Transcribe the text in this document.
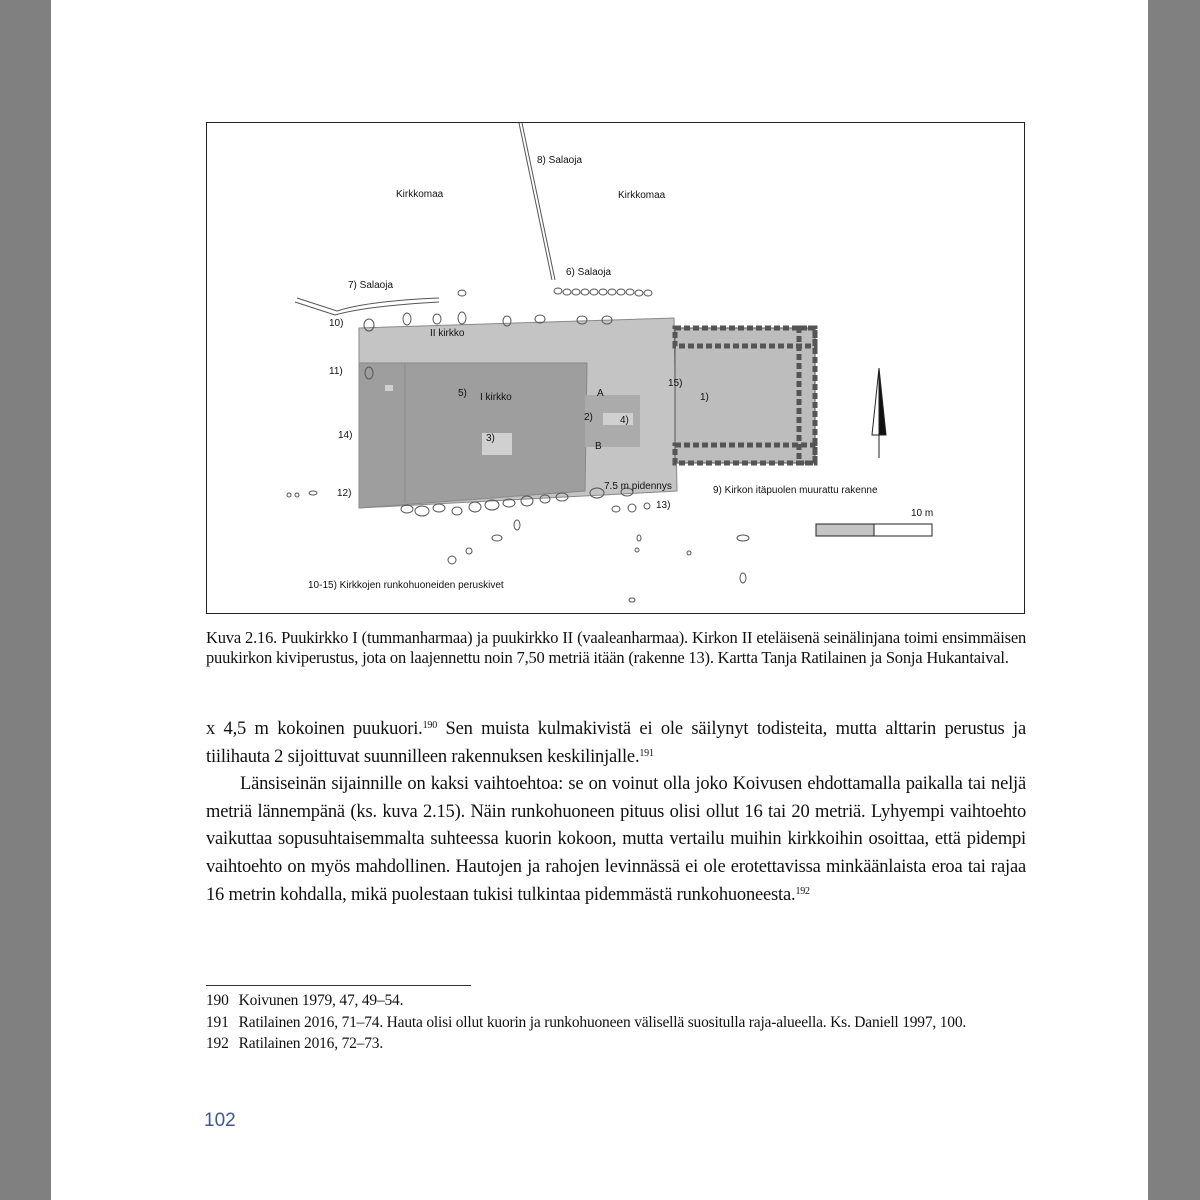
Kirkkomaa	Kirkkomaa
8) Salaoja
6) Salaoja
7) Salaoja
II kirkko
I kirkko
10)
11)
14)
12)
13)
15)
1)
2)
3)
4)
5)	A
B
7.5 m pidennys	9) Kirkon itäpuolen muurattu rakenne
10-15) Kirkkojen runkohuoneiden peruskivet
10 m
Kuva 2.16. Puukirkko I (tummanharmaa) ja puukirkko II (vaaleanharmaa). Kirkon II eteläisenä seinälinjana toimi ensimmäisen puukirkon kiviperustus, jota on laajennettu noin 7,50 metriä itään (rakenne 13). Kartta Tanja Ratilainen ja Sonja Hukantaival.

x 4,5 m kokoinen puukuori.$^{190}$ Sen muista kulmakivistä ei ole säilynyt todisteita, mutta alttarin perustus ja tiilihauta 2 sijoittuvat suunnilleen rakennuksen keskilinjalle.$^{191}$

Länsiseinän sijainnille on kaksi vaihtoehtoa: se on voinut olla joko Koivusen ehdottamalla paikalla tai neljä metriä lännempänä (ks. kuva 2.15). Näin runkohuoneen pituus olisi ollut 16 tai 20 metriä. Lyhyempi vaihtoehto vaikuttaa sopusuhtaisemmalta suhteessa kuorin kokoon, mutta vertailu muihin kirkkoihin osoittaa, että pidempi vaihtoehto on myös mahdollinen. Hautojen ja rahojen levinnässä ei ole erotettavissa minkäänlaista eroa tai rajaa 16 metrin kohdalla, mikä puolestaan tukisi tulkintaa pidemmästä runkohuoneesta.$^{192}$

190 Koivunen 1979, 47, 49–54.

191 Ratilainen 2016, 71–74. Hauta olisi ollut kuorin ja runkohuoneen välisellä suositulla raja-alueella. Ks. Daniell 1997, 100.

192 Ratilainen 2016, 72–73.

102
